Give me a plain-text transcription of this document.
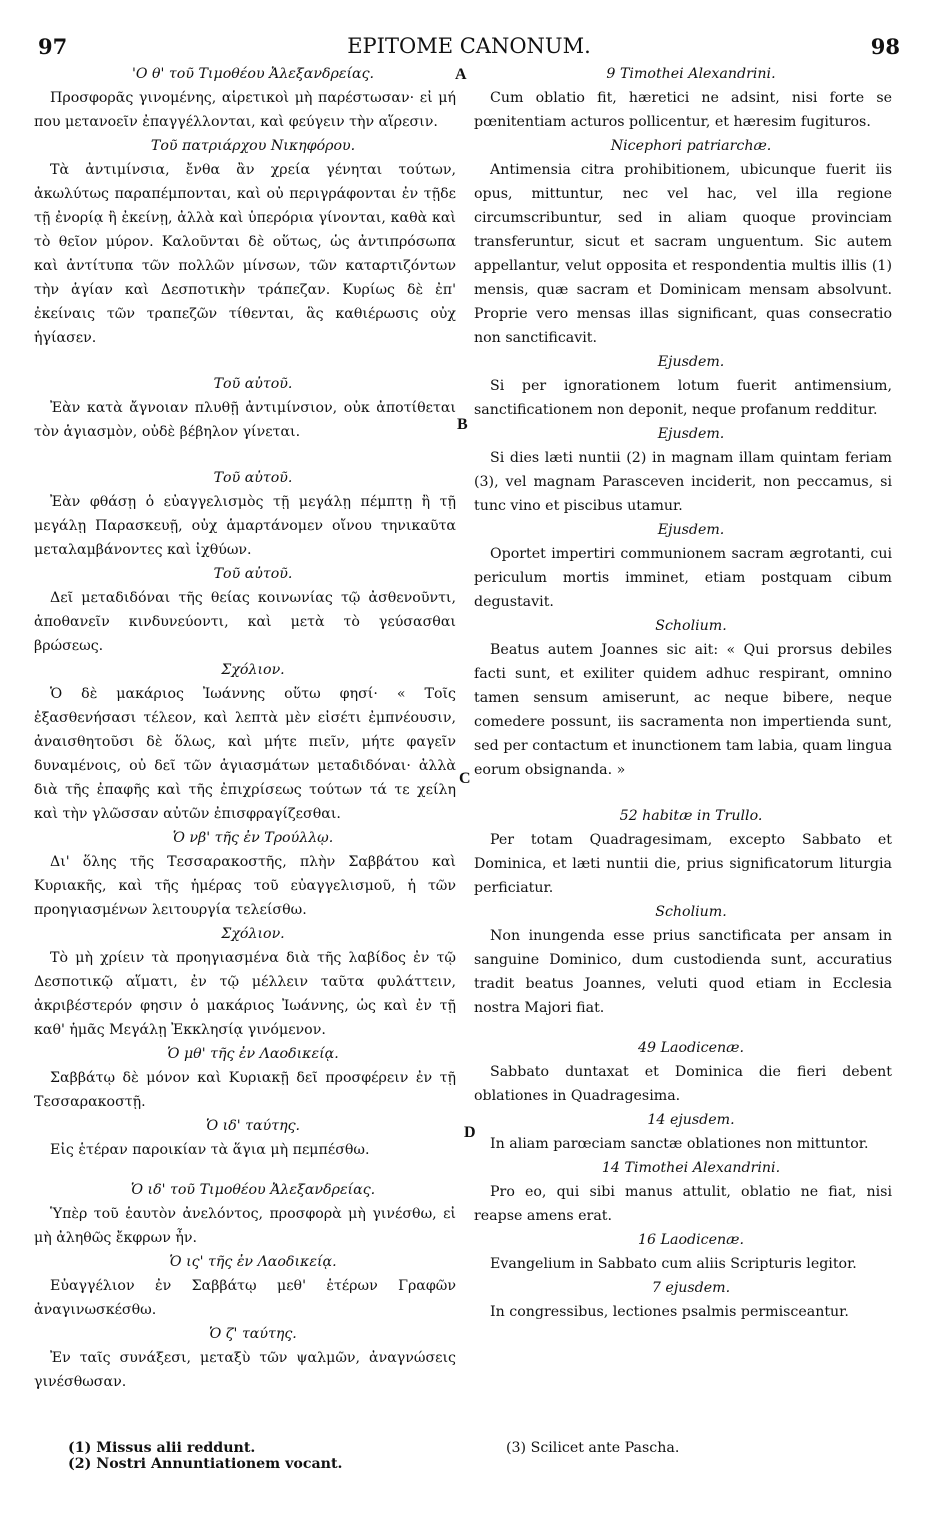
97	EPITOME CANONUM.	98

'Ο θ' τοῦ Τιμοθέου Ἀλεξανδρείας.

Προσφορᾶς γινομένης, αἱρετικοὶ μὴ παρέστωσαν· εἰ μή που μετανοεῖν ἐπαγγέλλονται, καὶ φεύγειν τὴν αἵρεσιν.

Τοῦ πατριάρχου Νικηφόρου.

Τὰ ἀντιμίνσια, ἔνθα ἂν χρεία γένηται τούτων, ἀκωλύτως παραπέμπονται, καὶ οὐ περιγράφονται ἐν τῇδε τῇ ἐνορίᾳ ἢ ἐκείνῃ, ἀλλὰ καὶ ὑπερόρια γίνονται, καθὰ καὶ τὸ θεῖον μύρον. Καλοῦνται δὲ οὕτως, ὡς ἀντιπρόσωπα καὶ ἀντίτυπα τῶν πολλῶν μίνσων, τῶν καταρτιζόντων τὴν ἁγίαν καὶ Δεσποτικὴν τράπεζαν. Κυρίως δὲ ἐπ' ἐκείναις τῶν τραπεζῶν τίθενται, ἃς καθιέρωσις οὐχ ἡγίασεν.

Τοῦ αὐτοῦ.

Ἐὰν κατὰ ἄγνοιαν πλυθῇ ἀντιμίνσιον, οὐκ ἀποτίθεται τὸν ἁγιασμὸν, οὐδὲ βέβηλον γίνεται.

Τοῦ αὐτοῦ.

Ἐὰν φθάσῃ ὁ εὐαγγελισμὸς τῇ μεγάλῃ πέμπτῃ ἢ τῇ μεγάλῃ Παρασκευῇ, οὐχ ἁμαρτάνομεν οἴνου τηνικαῦτα μεταλαμβάνοντες καὶ ἰχθύων.

Τοῦ αὐτοῦ.

Δεῖ μεταδιδόναι τῆς θείας κοινωνίας τῷ ἀσθενοῦντι, ἀποθανεῖν κινδυνεύοντι, καὶ μετὰ τὸ γεύσασθαι βρώσεως.

Σχόλιον.

Ὁ δὲ μακάριος Ἰωάννης οὕτω φησί· « Τοῖς ἐξασθενήσασι τέλεον, καὶ λεπτὰ μὲν εἰσέτι ἐμπνέουσιν, ἀναισθητοῦσι δὲ ὅλως, καὶ μήτε πιεῖν, μήτε φαγεῖν δυναμένοις, οὐ δεῖ τῶν ἁγιασμάτων μεταδιδόναι· ἀλλὰ διὰ τῆς ἐπαφῆς καὶ τῆς ἐπιχρίσεως τούτων τά τε χείλη καὶ τὴν γλῶσσαν αὐτῶν ἐπισφραγίζεσθαι.

Ὁ νβ' τῆς ἐν Τρούλλῳ.

Δι' ὅλης τῆς Τεσσαρακοστῆς, πλὴν Σαββάτου καὶ Κυριακῆς, καὶ τῆς ἡμέρας τοῦ εὐαγγελισμοῦ, ἡ τῶν προηγιασμένων λειτουργία τελείσθω.

Σχόλιον.

Τὸ μὴ χρίειν τὰ προηγιασμένα διὰ τῆς λαβίδος ἐν τῷ Δεσποτικῷ αἵματι, ἐν τῷ μέλλειν ταῦτα φυλάττειν, ἀκριβέστερόν φησιν ὁ μακάριος Ἰωάννης, ὡς καὶ ἐν τῇ καθ' ἡμᾶς Μεγάλῃ Ἐκκλησίᾳ γινόμενον.

Ὁ μθ' τῆς ἐν Λαοδικείᾳ.

Σαββάτῳ δὲ μόνον καὶ Κυριακῇ δεῖ προσφέρειν ἐν τῇ Τεσσαρακοστῇ.

Ὁ ιδ' ταύτης.

Εἰς ἑτέραν παροικίαν τὰ ἅγια μὴ πεμπέσθω.

Ὁ ιδ' τοῦ Τιμοθέου Ἀλεξανδρείας.

Ὑπὲρ τοῦ ἑαυτὸν ἀνελόντος, προσφορὰ μὴ γινέσθω, εἰ μὴ ἀληθῶς ἔκφρων ἦν.

Ὁ ις' τῆς ἐν Λαοδικείᾳ.

Εὐαγγέλιον ἐν Σαββάτῳ μεθ' ἑτέρων Γραφῶν ἀναγινωσκέσθω.

Ὁ ζ' ταύτης.

Ἐν ταῖς συνάξεσι, μεταξὺ τῶν ψαλμῶν, ἀναγνώσεις γινέσθωσαν.

9 Timothei Alexandrini.

Cum oblatio fit, hæretici ne adsint, nisi forte se pœnitentiam acturos pollicentur, et hæresim fugituros.

Nicephori patriarchæ.

Antimensia citra prohibitionem, ubicunque fuerit iis opus, mittuntur, nec vel hac, vel illa regione circumscribuntur, sed in aliam quoque provinciam transferuntur, sicut et sacram unguentum. Sic autem appellantur, velut opposita et respondentia multis illis (1) mensis, quæ sacram et Dominicam mensam absolvunt. Proprie vero mensas illas significant, quas consecratio non sanctificavit.

Ejusdem.

Si per ignorationem lotum fuerit antimensium, sanctificationem non deponit, neque profanum redditur.

Ejusdem.

Si dies læti nuntii (2) in magnam illam quintam feriam (3), vel magnam Parasceven inciderit, non peccamus, si tunc vino et piscibus utamur.

Ejusdem.

Oportet impertiri communionem sacram ægrotanti, cui periculum mortis imminet, etiam postquam cibum degustavit.

Scholium.

Beatus autem Joannes sic ait: « Qui prorsus debiles facti sunt, et exiliter quidem adhuc respirant, omnino tamen sensum amiserunt, ac neque bibere, neque comedere possunt, iis sacramenta non impertienda sunt, sed per contactum et inunctionem tam labia, quam lingua eorum obsignanda. »

52 habitæ in Trullo.

Per totam Quadragesimam, excepto Sabbato et Dominica, et læti nuntii die, prius significatorum liturgia perficiatur.

Scholium.

Non inungenda esse prius sanctificata per ansam in sanguine Dominico, dum custodienda sunt, accuratius tradit beatus Joannes, veluti quod etiam in Ecclesia nostra Majori fiat.

49 Laodicenæ.

Sabbato duntaxat et Dominica die fieri debent oblationes in Quadragesima.

14 ejusdem.

In aliam parœciam sanctæ oblationes non mittuntor.

14 Timothei Alexandrini.

Pro eo, qui sibi manus attulit, oblatio ne fiat, nisi reapse amens erat.

16 Laodicenæ.

Evangelium in Sabbato cum aliis Scripturis legitor.

7 ejusdem.

In congressibus, lectiones psalmis permisceantur.

A
B
C
D
(1) Missus alii reddunt.
(2) Nostri Annuntiationem vocant.
(3) Scilicet ante Pascha.
